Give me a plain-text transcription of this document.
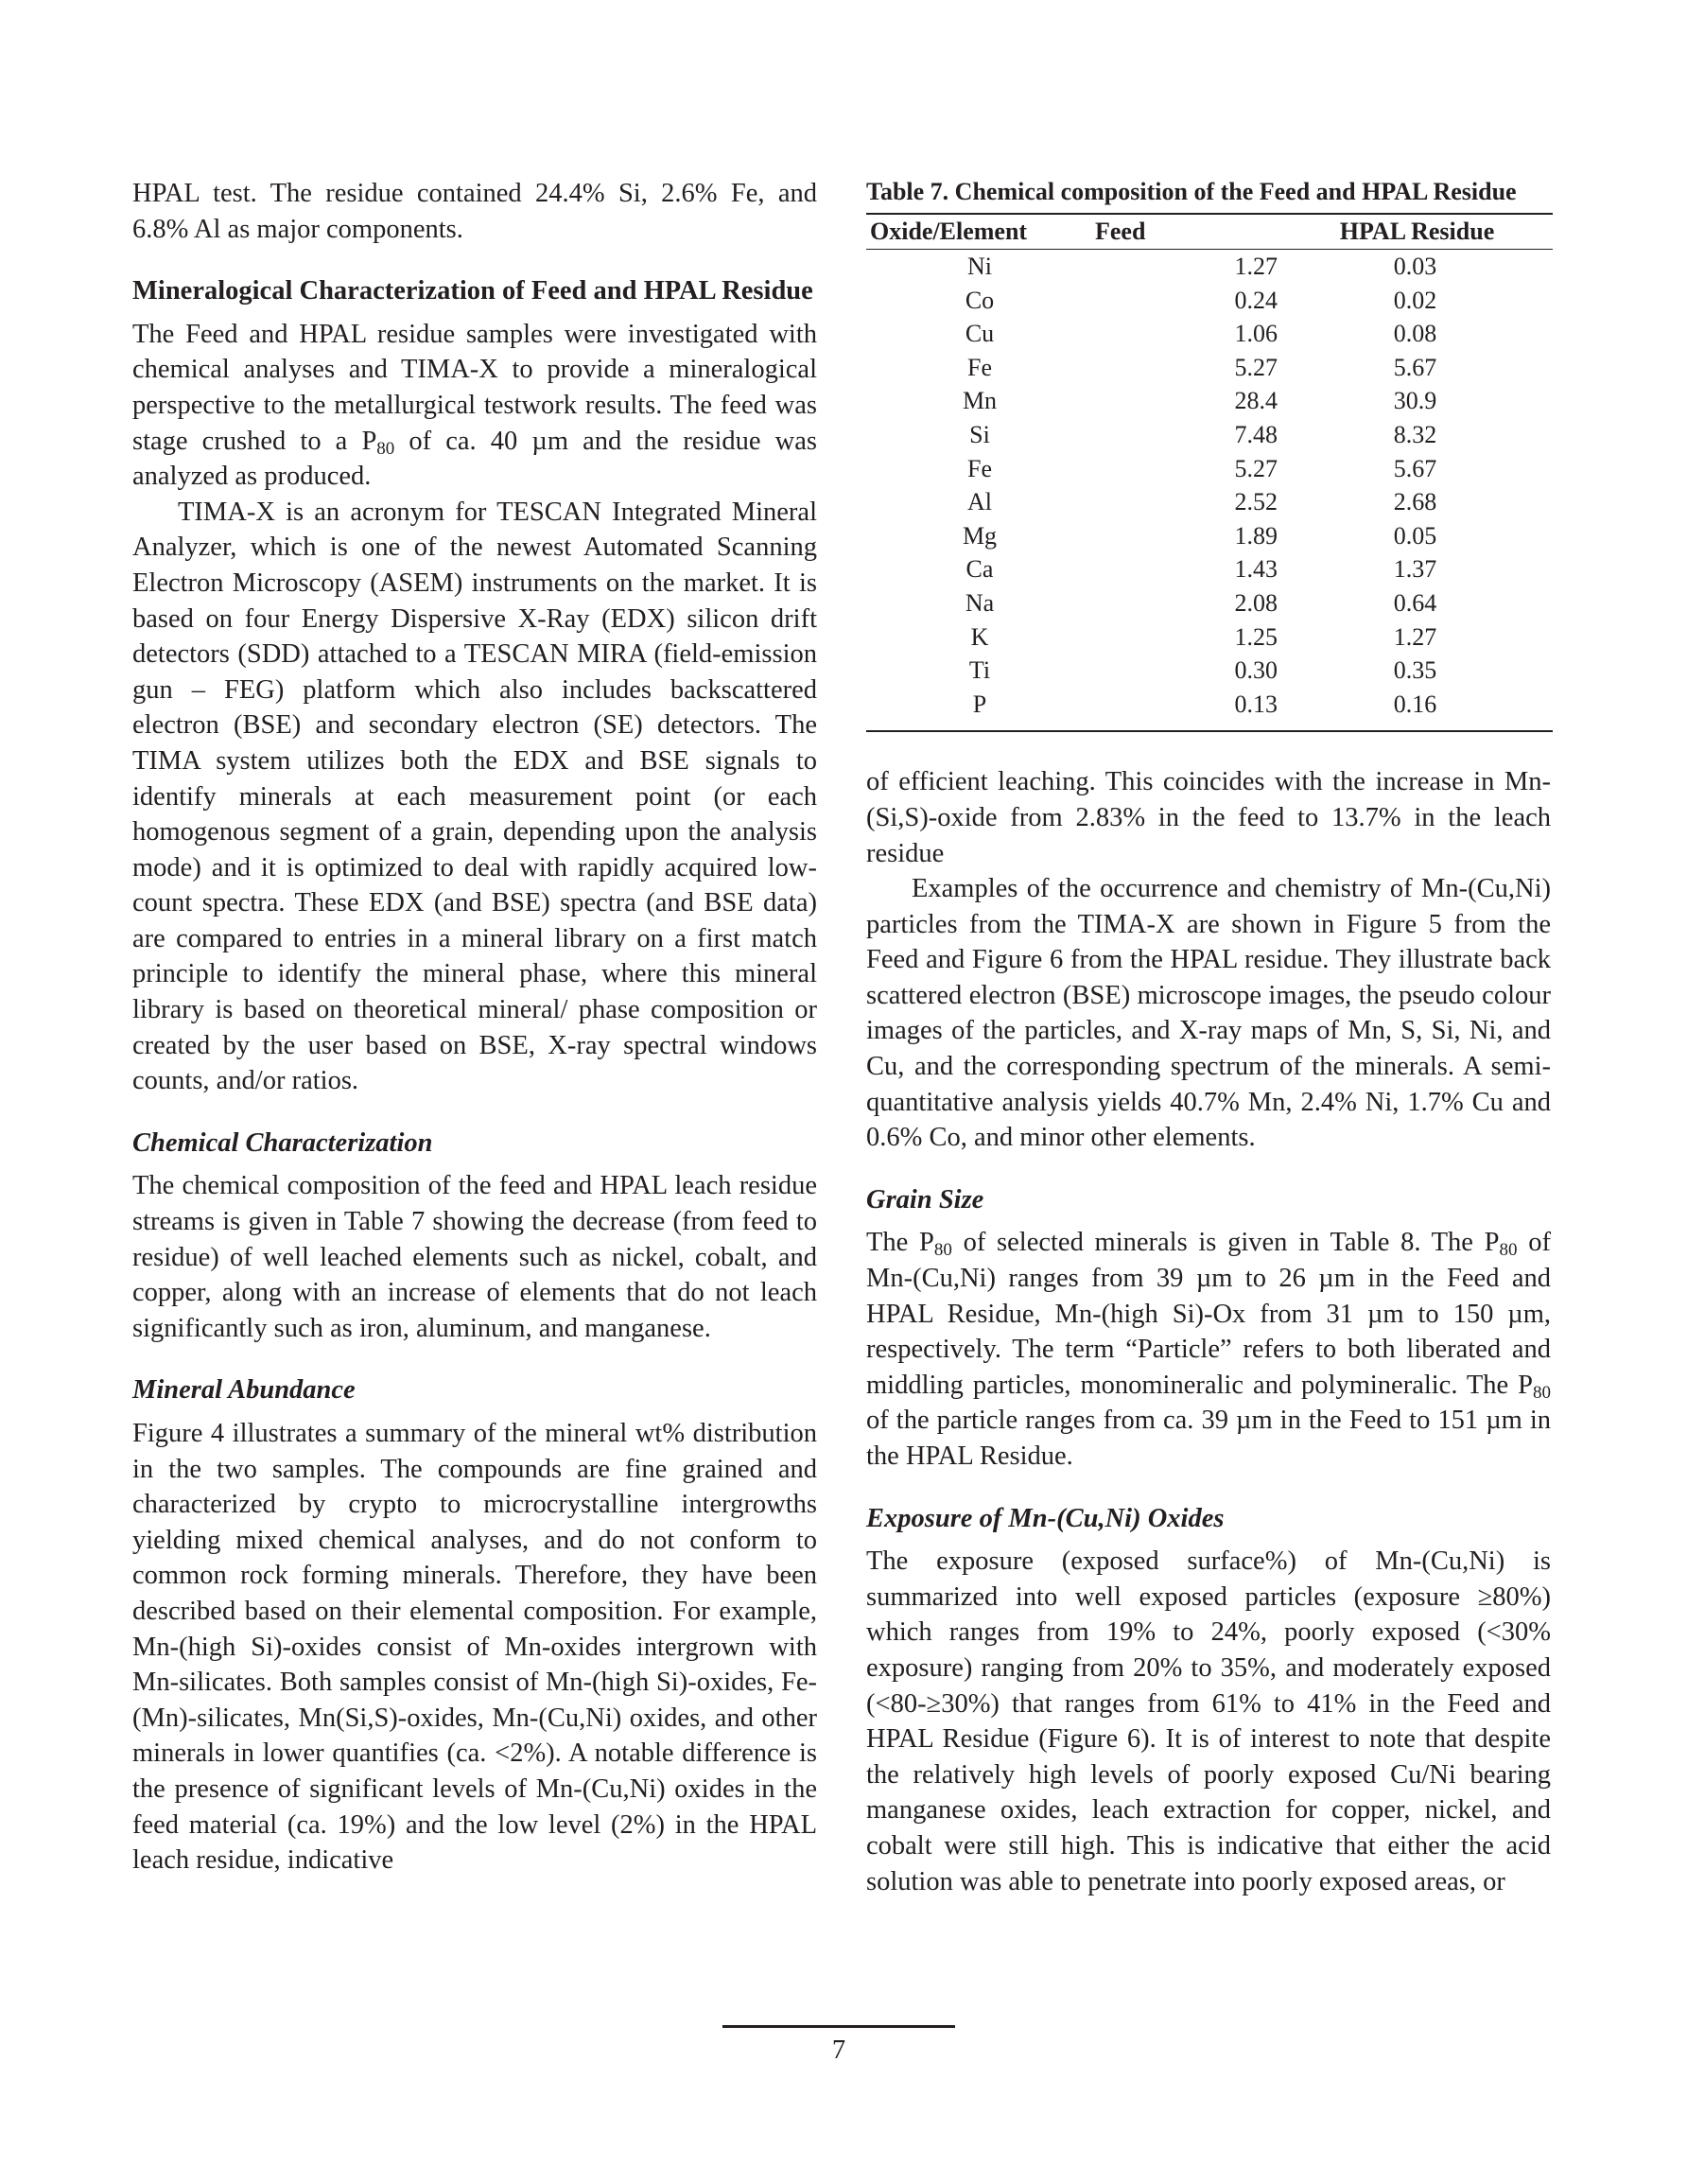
HPAL test. The residue contained 24.4% Si, 2.6% Fe, and 6.8% Al as major components.

Mineralogical Characterization of Feed and HPAL Residue

The Feed and HPAL residue samples were investigated with chemical analyses and TIMA-X to provide a mineralogical perspective to the metallurgical testwork results. The feed was stage crushed to a $P_{80}$ of ca. 40 µm and the residue was analyzed as produced.

TIMA-X is an acronym for TESCAN Integrated Mineral Analyzer, which is one of the newest Automated Scanning Electron Microscopy (ASEM) instruments on the market. It is based on four Energy Dispersive X-Ray (EDX) silicon drift detectors (SDD) attached to a TESCAN MIRA (field-emission gun – FEG) platform which also includes backscattered electron (BSE) and secondary electron (SE) detectors. The TIMA system utilizes both the EDX and BSE signals to identify minerals at each measurement point (or each homogenous segment of a grain, depending upon the analysis mode) and it is optimized to deal with rapidly acquired low-count spectra. These EDX (and BSE) spectra (and BSE data) are compared to entries in a mineral library on a first match principle to identify the mineral phase, where this mineral library is based on theoretical mineral/ phase composition or created by the user based on BSE, X-ray spectral windows counts, and/or ratios.

Chemical Characterization

The chemical composition of the feed and HPAL leach residue streams is given in Table 7 showing the decrease (from feed to residue) of well leached elements such as nickel, cobalt, and copper, along with an increase of elements that do not leach significantly such as iron, aluminum, and manganese.

Mineral Abundance

Figure 4 illustrates a summary of the mineral wt% distribution in the two samples. The compounds are fine grained and characterized by crypto to microcrystalline intergrowths yielding mixed chemical analyses, and do not conform to common rock forming minerals. Therefore, they have been described based on their elemental composition. For example, Mn-(high Si)-oxides consist of Mn-oxides intergrown with Mn-silicates. Both samples consist of Mn-(high Si)-oxides, Fe-(Mn)-silicates, Mn(Si,S)-oxides, Mn-(Cu,Ni) oxides, and other minerals in lower quantifies (ca. <2%). A notable difference is the presence of significant levels of Mn-(Cu,Ni) oxides in the feed material (ca. 19%) and the low level (2%) in the HPAL leach residue, indicative

Table 7. Chemical composition of the Feed and HPAL Residue

Oxide/Element	Feed	HPAL Residue
Ni	1.27	0.03
Co	0.24	0.02
Cu	1.06	0.08
Fe	5.27	5.67
Mn	28.4	30.9
Si	7.48	8.32
Fe	5.27	5.67
Al	2.52	2.68
Mg	1.89	0.05
Ca	1.43	1.37
Na	2.08	0.64
K	1.25	1.27
Ti	0.30	0.35
P	0.13	0.16

of efficient leaching. This coincides with the increase in Mn-(Si,S)-oxide from 2.83% in the feed to 13.7% in the leach residue

Examples of the occurrence and chemistry of Mn-(Cu,Ni) particles from the TIMA-X are shown in Figure 5 from the Feed and Figure 6 from the HPAL residue. They illustrate back scattered electron (BSE) microscope images, the pseudo colour images of the particles, and X-ray maps of Mn, S, Si, Ni, and Cu, and the corresponding spectrum of the minerals. A semi-quantitative analysis yields 40.7% Mn, 2.4% Ni, 1.7% Cu and 0.6% Co, and minor other elements.

Grain Size

The $P_{80}$ of selected minerals is given in Table 8. The $P_{80}$ of Mn-(Cu,Ni) ranges from 39 µm to 26 µm in the Feed and HPAL Residue, Mn-(high Si)-Ox from 31 µm to 150 µm, respectively. The term “Particle” refers to both liberated and middling particles, monomineralic and polymineralic. The $P_{80}$ of the particle ranges from ca. 39 µm in the Feed to 151 µm in the HPAL Residue.

Exposure of Mn-(Cu,Ni) Oxides

The exposure (exposed surface%) of Mn-(Cu,Ni) is summarized into well exposed particles (exposure ≥80%) which ranges from 19% to 24%, poorly exposed (<30% exposure) ranging from 20% to 35%, and moderately exposed (<80-≥30%) that ranges from 61% to 41% in the Feed and HPAL Residue (Figure 6). It is of interest to note that despite the relatively high levels of poorly exposed Cu/Ni bearing manganese oxides, leach extraction for copper, nickel, and cobalt were still high. This is indicative that either the acid solution was able to penetrate into poorly exposed areas, or

7
